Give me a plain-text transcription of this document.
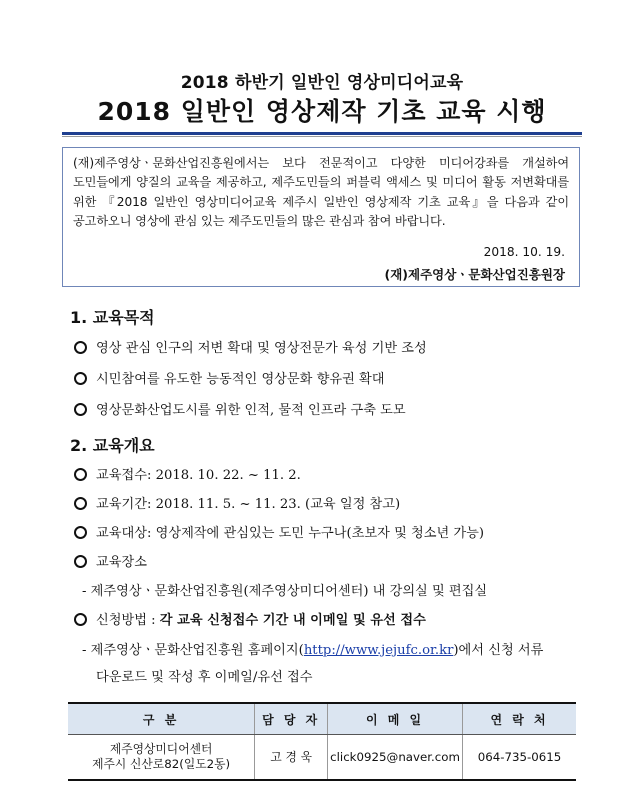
2018 하반기 일반인 영상미디어교육
2018 일반인 영상제작 기초 교육 시행
(재)제주영상ㆍ문화산업진흥원에서는 보다 전문적이고 다양한 미디어강좌를 개설하여 도민들에게 양질의 교육을 제공하고, 제주도민들의 퍼블릭 액세스 및 미디어 활동 저변확대를 위한 『2018 일반인 영상미디어교육 제주시 일반인 영상제작 기초 교육』을 다음과 같이 공고하오니 영상에 관심 있는 제주도민들의 많은 관심과 참여 바랍니다.
2018. 10. 19.
(재)제주영상ㆍ문화산업진흥원장
1. 교육목적
영상 관심 인구의 저변 확대 및 영상전문가 육성 기반 조성
시민참여를 유도한 능동적인 영상문화 향유권 확대
영상문화산업도시를 위한 인적, 물적 인프라 구축 도모
2. 교육개요
교육접수: 2018. 10. 22. ~ 11. 2.
교육기간: 2018. 11. 5. ~ 11. 23. (교육 일정 참고)
교육대상: 영상제작에 관심있는 도민 누구나(초보자 및 청소년 가능)
교육장소
- 제주영상ㆍ문화산업진흥원(제주영상미디어센터) 내 강의실 및 편집실
신청방법 : 각 교육 신청접수 기간 내 이메일 및 유선 접수
- 제주영상ㆍ문화산업진흥원 홈페이지(http://www.jejufc.or.kr)에서 신청 서류
다운로드 및 작성 후 이메일/유선 접수
구 분	담 당 자	이 메 일	연 락 처

제주영상미디어센터
제주시 신산로82(일도2동)	고 경 욱	click0925@naver.com	064-735-0615
